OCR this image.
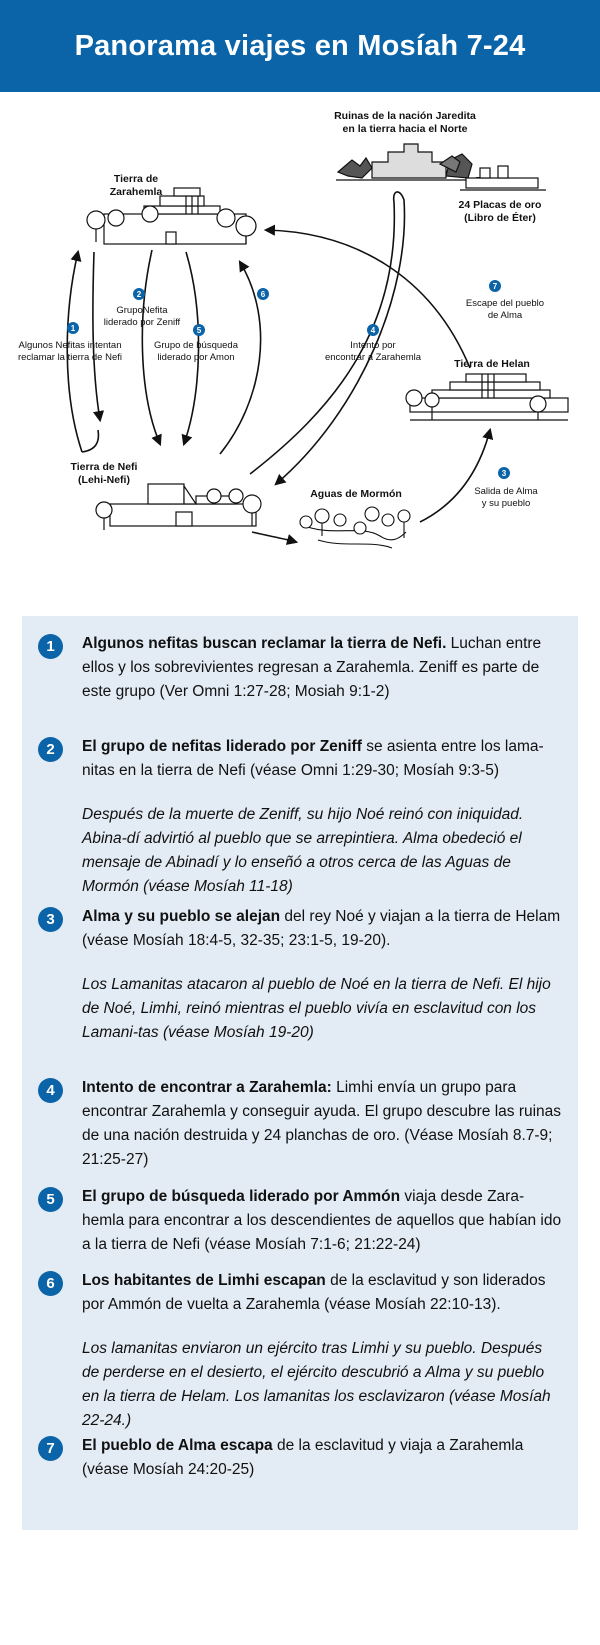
Panorama viajes en Mosíah 7-24
Ruinas de la nación Jaredita
en la tierra hacia el Norte
24 Placas de oro
(Libro de Éter)
Tierra de
Zarahemla
Tierra de Helan
Tierra de Nefi
(Lehi-Nefi)
Aguas de Mormón
1
2
5
6
4
7
3
Algunos Nefitas intentan
reclamar la tierra de Nefi
GrupoNefita
liderado por Zeniff
Grupo de búsqueda
liderado por Amon
Intento por
encontrar a Zarahemla
Escape del pueblo
de Alma
Salida de Alma
y su pueblo
1	Algunos nefitas buscan reclamar la tierra de Nefi. Luchan entre ellos y los sobrevivientes regresan a Zarahemla. Zeniff es parte de este grupo (Ver Omni 1:27-28; Mosiah 9:1-2)
2	El grupo de nefitas liderado por Zeniff se asienta entre los lama-nitas en la tierra de Nefi (véase Omni 1:29-30; Mosíah 9:3-5)
Después de la muerte de Zeniff, su hijo Noé reinó con iniquidad. Abina-dí advirtió al pueblo que se arrepintiera. Alma obedeció el mensaje de Abinadí y lo enseñó a otros cerca de las Aguas de Mormón (véase Mosíah 11-18)
3	Alma y su pueblo se alejan del rey Noé y viajan a la tierra de Helam (véase Mosíah 18:4-5, 32-35; 23:1-5, 19-20).
Los Lamanitas atacaron al pueblo de Noé en la tierra de Nefi. El hijo de Noé, Limhi, reinó mientras el pueblo vivía en esclavitud con los Lamani-tas (véase Mosíah 19-20)
4	Intento de encontrar a Zarahemla: Limhi envía un grupo para encontrar Zarahemla y conseguir ayuda. El grupo descubre las ruinas de una nación destruida y 24 planchas de oro. (Véase Mosíah 8.7-9; 21:25-27)
5	El grupo de búsqueda liderado por Ammón viaja desde Zara-hemla para encontrar a los descendientes de aquellos que habían ido a la tierra de Nefi (véase Mosíah 7:1-6; 21:22-24)
6	Los habitantes de Limhi escapan de la esclavitud y son liderados por Ammón de vuelta a Zarahemla (véase Mosíah 22:10-13).
Los lamanitas enviaron un ejército tras Limhi y su pueblo. Después de perderse en el desierto, el ejército descubrió a Alma y su pueblo en la tierra de Helam. Los lamanitas los esclavizaron (véase Mosíah 22-24.)
7	El pueblo de Alma escapa de la esclavitud y viaja a Zarahemla (véase Mosíah 24:20-25)
